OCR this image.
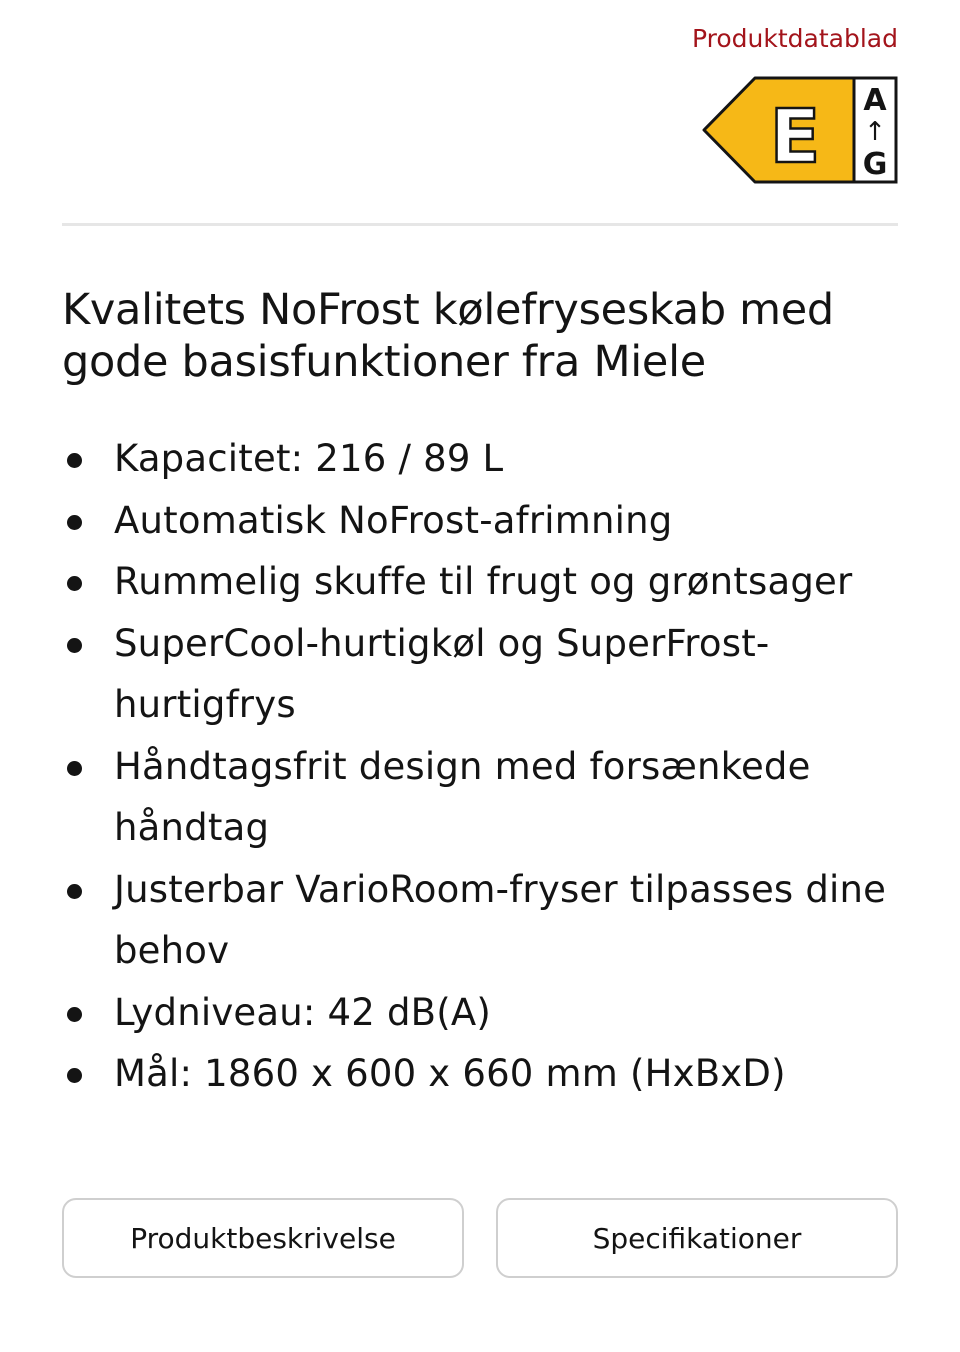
Produktdatablad
E A
↑
G
Kvalitets NoFrost kølefryseskab med gode basisfunktioner fra Miele
Kapacitet: 216 / 89 L
Automatisk NoFrost-afrimning
Rummelig skuffe til frugt og grøntsager
SuperCool-hurtigkøl og SuperFrost-hurtigfrys
Håndtagsfrit design med forsænkede håndtag
Justerbar VarioRoom-fryser tilpasses dine behov
Lydniveau: 42 dB(A)
Mål: 1860 x 600 x 660 mm (HxBxD)
Produktbeskrivelse	Specifikationer
